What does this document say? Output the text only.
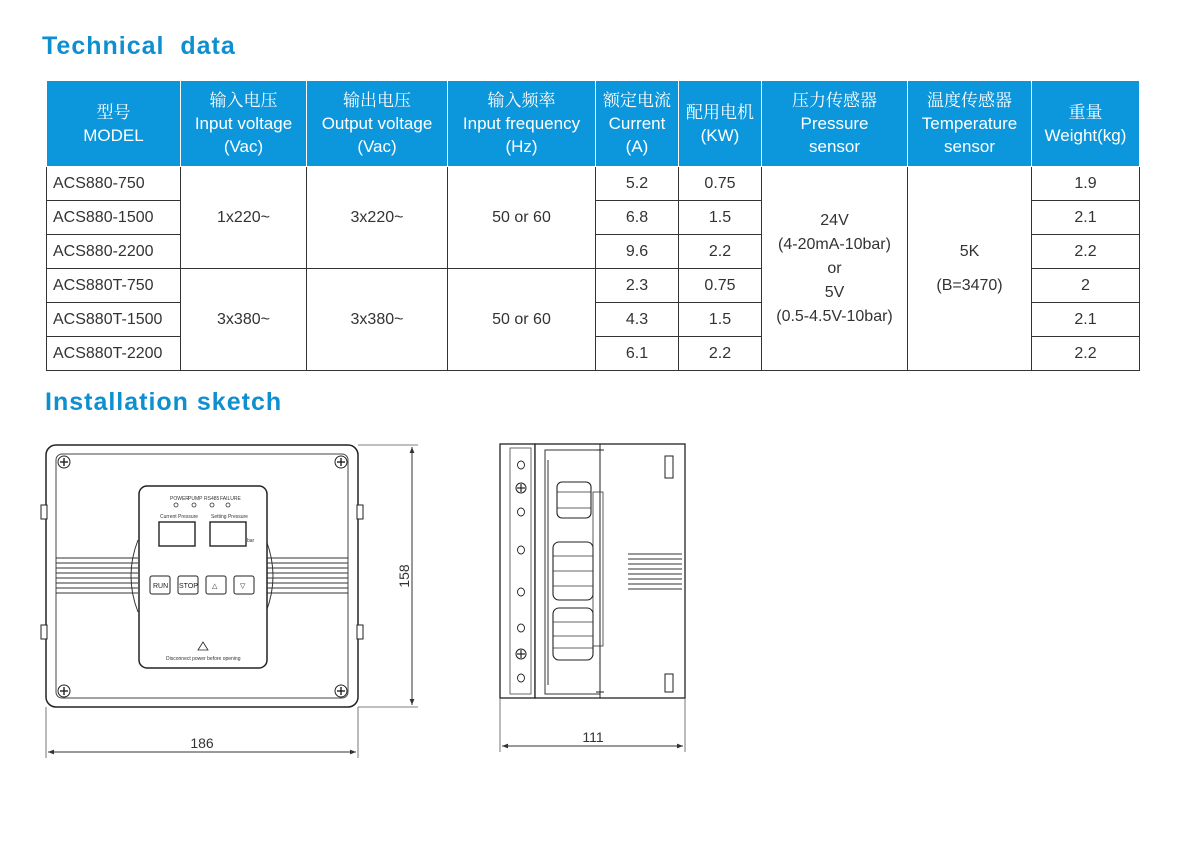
Technical  data
型号
MODEL	输入电压
Input voltage
(Vac)	输出电压
Output voltage
(Vac)	输入频率
Input frequency
(Hz)	额定电流
Current
(A)	配用电机
(KW)	压力传感器
Pressure
sensor	温度传感器
Temperature
sensor	重量
Weight(kg)

ACS880-750	1x220~	3x220~	50 or 60	5.2	0.75	24V
(4-20mA-10bar)
or
5V
(0.5-4.5V-10bar)	5K
(B=3470)	1.9
ACS880-1500				6.8	1.5			2.1
ACS880-2200				9.6	2.2			2.2
ACS880T-750	3x380~	3x380~	50 or 60	2.3	0.75			2
ACS880T-1500				4.3	1.5			2.1
ACS880T-2200				6.1	2.2			2.2
Installation sketch
POWER PUMP RS485 FAILURE
Current Pressure	Setting Pressure
bar
RUN STOP △	▽
Disconnect power before opening
158
186	111
